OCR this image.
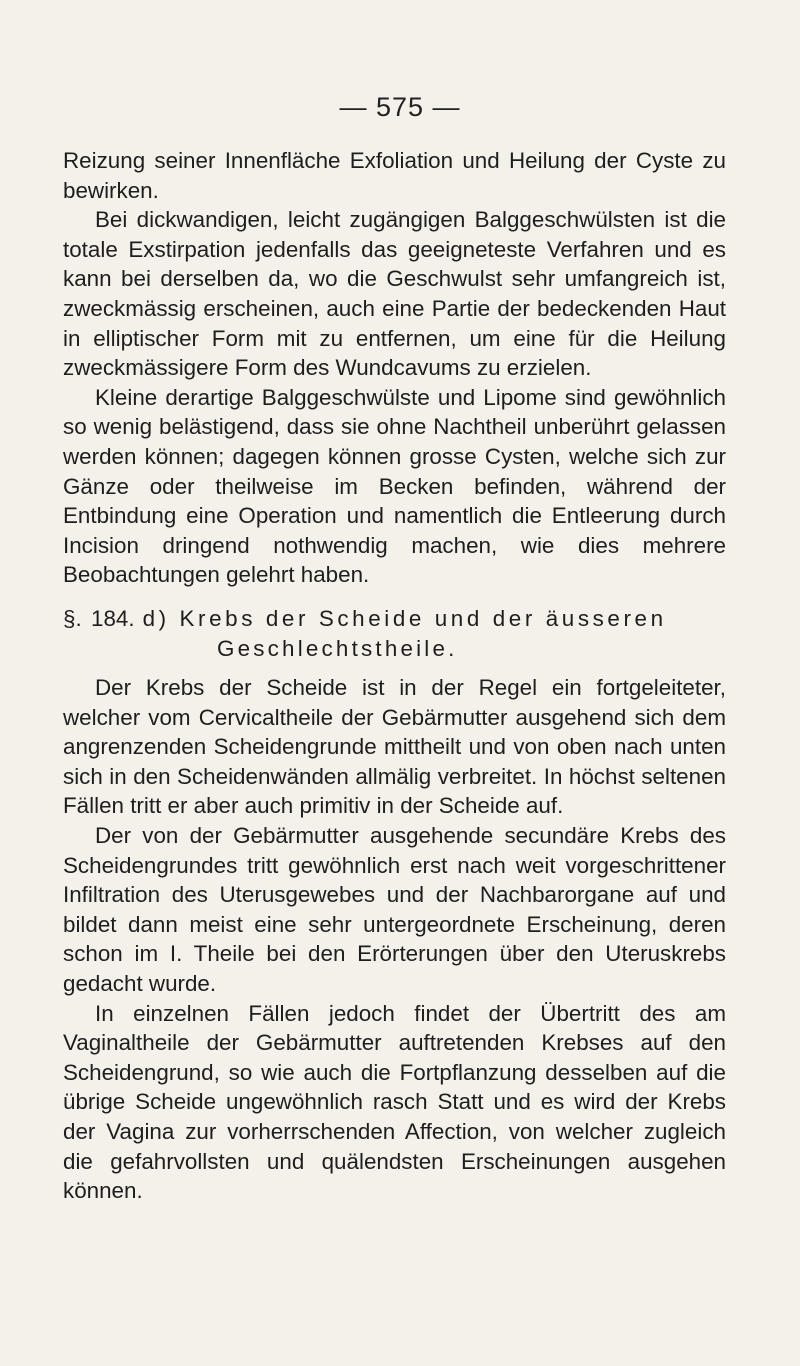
— 575 —

Reizung seiner Innenfläche Exfoliation und Heilung der Cyste zu bewirken.

Bei dickwandigen, leicht zugängigen Balggeschwülsten ist die totale Exstirpation jedenfalls das geeigneteste Verfahren und es kann bei derselben da, wo die Geschwulst sehr umfangreich ist, zweckmässig erscheinen, auch eine Partie der bedeckenden Haut in elliptischer Form mit zu entfernen, um eine für die Heilung zweckmässigere Form des Wundcavums zu erzielen.

Kleine derartige Balggeschwülste und Lipome sind gewöhnlich so wenig belästigend, dass sie ohne Nachtheil unberührt gelassen werden können; dagegen können grosse Cysten, welche sich zur Gänze oder theilweise im Becken befinden, während der Entbindung eine Operation und namentlich die Entleerung durch Incision dringend nothwendig machen, wie dies mehrere Beobachtungen gelehrt haben.

§. 184. d) Krebs der Scheide und der äusseren
Geschlechtstheile.

Der Krebs der Scheide ist in der Regel ein fortgeleiteter, welcher vom Cervicaltheile der Gebärmutter ausgehend sich dem angrenzenden Scheidengrunde mittheilt und von oben nach unten sich in den Scheidenwänden allmälig verbreitet. In höchst seltenen Fällen tritt er aber auch primitiv in der Scheide auf.

Der von der Gebärmutter ausgehende secundäre Krebs des Scheidengrundes tritt gewöhnlich erst nach weit vorgeschrittener Infiltration des Uterusgewebes und der Nachbarorgane auf und bildet dann meist eine sehr untergeordnete Erscheinung, deren schon im I. Theile bei den Erörterungen über den Uteruskrebs gedacht wurde.

In einzelnen Fällen jedoch findet der Übertritt des am Vaginaltheile der Gebärmutter auftretenden Krebses auf den Scheidengrund, so wie auch die Fortpflanzung desselben auf die übrige Scheide ungewöhnlich rasch Statt und es wird der Krebs der Vagina zur vorherrschenden Affection, von welcher zugleich die gefahrvollsten und quälendsten Erscheinungen ausgehen können.
